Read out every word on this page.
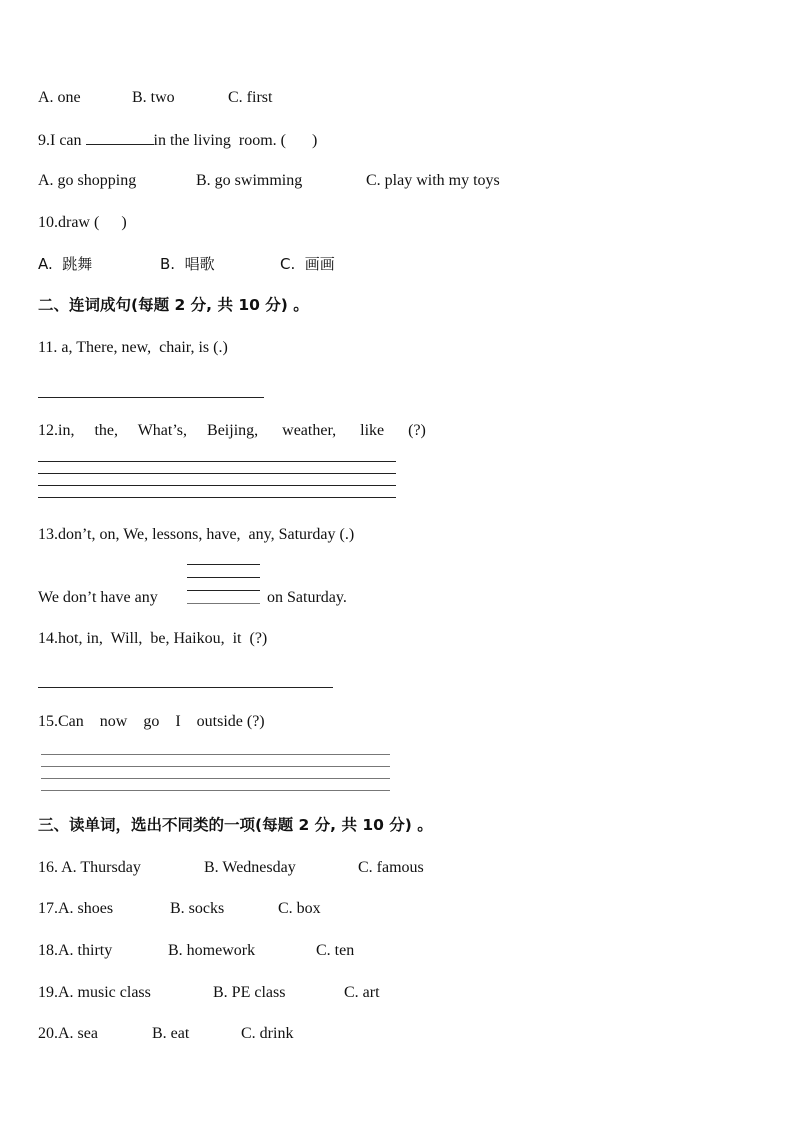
A. one	B. two	C. first
9.I can	in the living  room. ( )
A. go shopping	B. go swimming	C. play with my toys
10.draw ( )
A.  跳舞	B.  唱歌	C.  画画
二、连词成句(每题 2 分, 共 10 分) 。
11. a, There, new,  chair, is (.)
12.in,     the,     What’s,     Beijing,      weather,      like      (?)
13.don’t, on, We, lessons, have,  any, Saturday (.)
We don’t have any	on Saturday.
14.hot, in,  Will,  be, Haikou,  it  (?)
15.Can    now    go    I    outside (?)
三、读单词，选出不同类的一项(每题 2 分, 共 10 分) 。
16. A. Thursday	B. Wednesday	C. famous
17.A. shoes	B. socks	C. box
18.A. thirty	B. homework	C. ten
19.A. music class	B. PE class	C. art
20.A. sea	B. eat	C. drink
